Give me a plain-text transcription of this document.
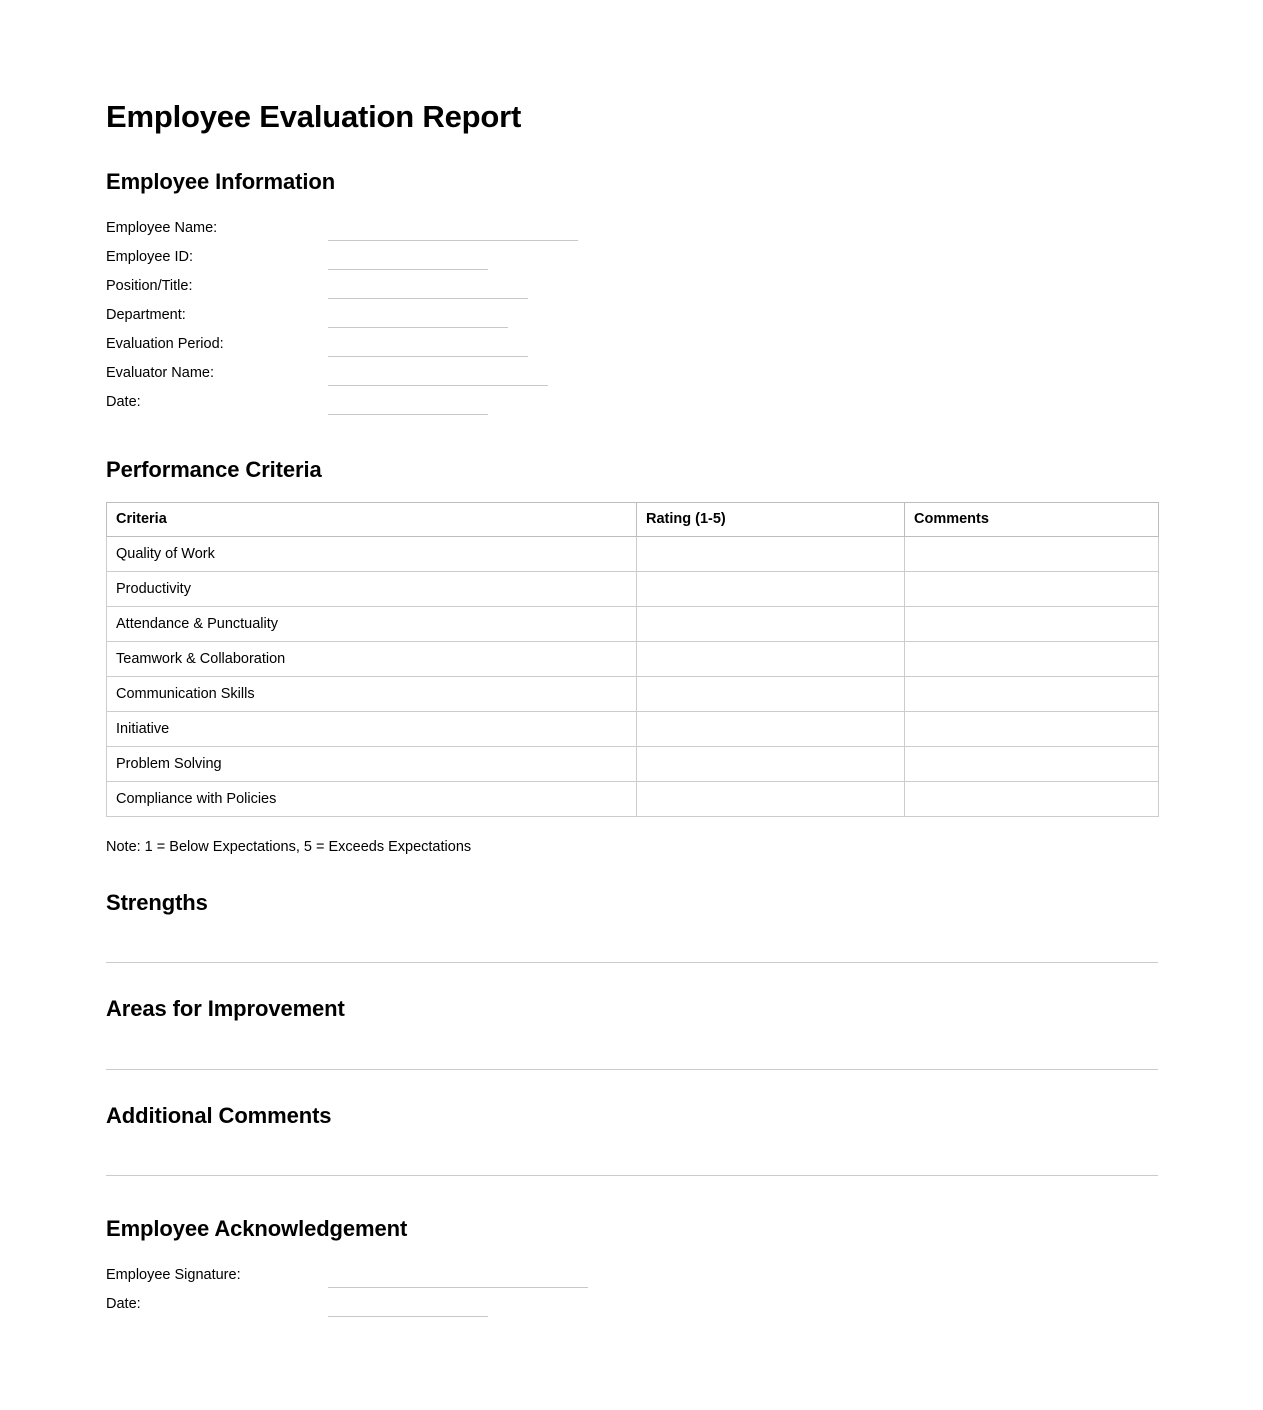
Employee Evaluation Report
Employee Information
Employee Name:
Employee ID:
Position/Title:
Department:
Evaluation Period:
Evaluator Name:
Date:
Performance Criteria
Criteria	Rating (1-5)	Comments
Quality of Work		
Productivity		
Attendance & Punctuality		
Teamwork & Collaboration		
Communication Skills		
Initiative		
Problem Solving		
Compliance with Policies		

Note: 1 = Below Expectations, 5 = Exceeds Expectations

Strengths
Areas for Improvement
Additional Comments
Employee Acknowledgement
Employee Signature:
Date:
